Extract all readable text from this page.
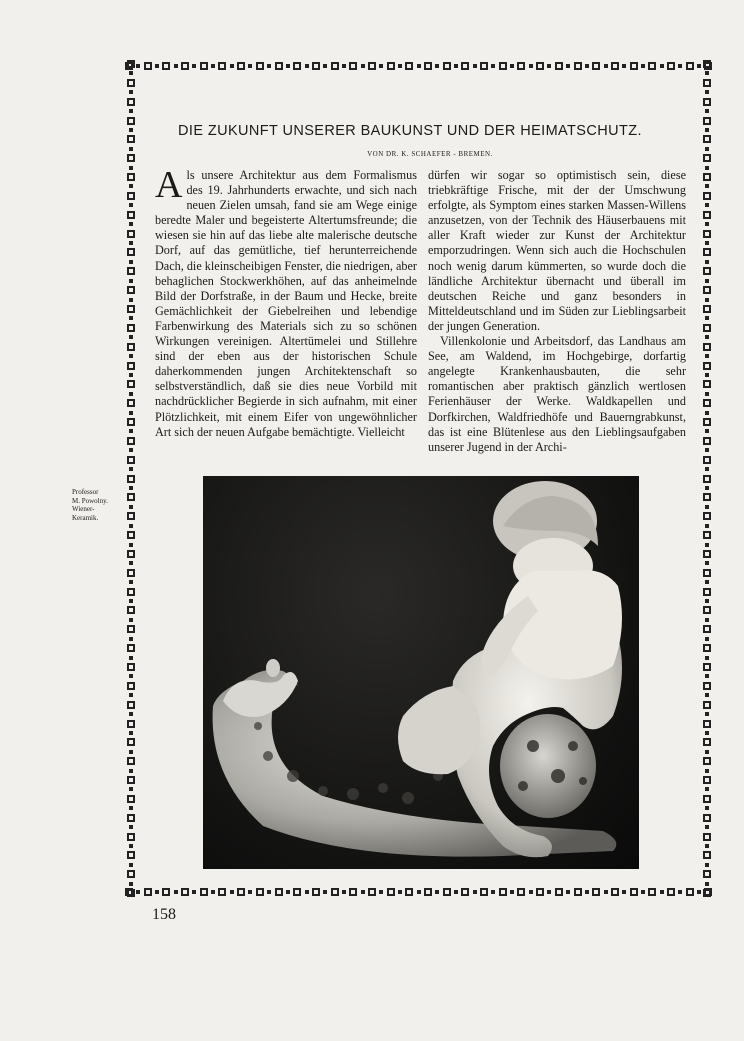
DIE ZUKUNFT UNSERER BAUKUNST UND DER HEIMATSCHUTZ.
VON DR. K. SCHAEFER - BREMEN.

Als unsere Architektur aus dem Formalismus des 19. Jahrhunderts erwachte, und sich nach neuen Zielen umsah, fand sie am Wege einige beredte Maler und begeisterte Altertumsfreunde; die wiesen sie hin auf das liebe alte malerische deutsche Dorf, auf das gemütliche, tief herunterreichende Dach, die kleinscheibigen Fenster, die niedrigen, aber behaglichen Stockwerkhöhen, auf das anheimelnde Bild der Dorfstraße, in der Baum und Hecke, breite Gemächlichkeit der Giebelreihen und lebendige Farbenwirkung des Materials sich zu so schönen Wirkungen vereinigen. Altertümelei und Stillehre sind der eben aus der historischen Schule daherkommenden jungen Architektenschaft so selbstverständlich, daß sie dies neue Vorbild mit nachdrücklicher Begierde in sich aufnahm, mit einer Plötzlichkeit, mit einem Eifer von ungewöhnlicher Art sich der neuen Aufgabe bemächtigte. Vielleicht

dürfen wir sogar so optimistisch sein, diese triebkräftige Frische, mit der der Umschwung erfolgte, als Symptom eines starken Massen-Willens anzusetzen, von der Technik des Häuserbauens mit aller Kraft wieder zur Kunst der Architektur emporzudringen. Wenn sich auch die Hochschulen noch wenig darum kümmerten, so wurde doch die ländliche Architektur übernacht und überall im deutschen Reiche und ganz besonders in Mitteldeutschland und im Süden zur Lieblingsarbeit der jungen Generation.

Villenkolonie und Arbeitsdorf, das Landhaus am See, am Waldend, im Hochgebirge, dorfartig angelegte Krankenhausbauten, die sehr romantischen aber praktisch gänzlich wertlosen Ferienhäuser der Werke. Waldkapellen und Dorfkirchen, Waldfriedhöfe und Bauerngrabkunst, das ist eine Blütenlese aus den Lieblingsaufgaben unserer Jugend in der Archi-

Professor
M. Powolny.
Wiener-
Keramik.
158
